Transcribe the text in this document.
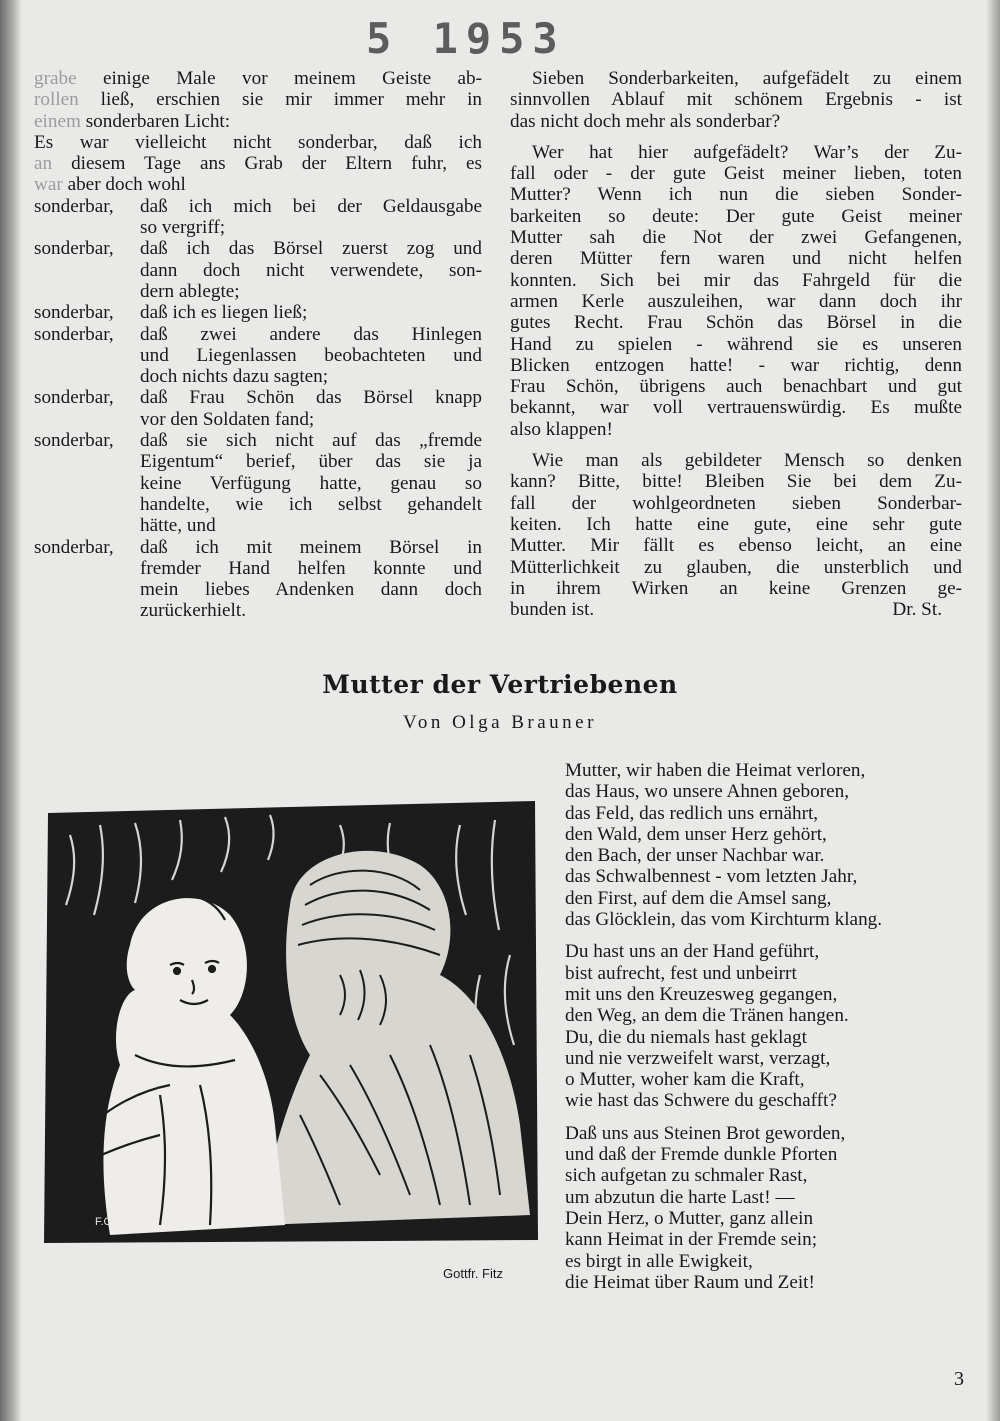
5 1953
grabe einige Male vor meinem Geiste ab-
rollen ließ, erschien sie mir immer mehr in
einem sonderbaren Licht:
Es war vielleicht nicht sonderbar, daß ich
an diesem Tage ans Grab der Eltern fuhr, es
war aber doch wohl
sonderbar,	daß ich mich bei der Geldausgabe
so vergriff;
sonderbar,	daß ich das Börsel zuerst zog und
dann doch nicht verwendete, son-
dern ablegte;
sonderbar,	daß ich es liegen ließ;
sonderbar,	daß zwei andere das Hinlegen
und Liegenlassen beobachteten und
doch nichts dazu sagten;
sonderbar,	daß Frau Schön das Börsel knapp
vor den Soldaten fand;
sonderbar,	daß sie sich nicht auf das „fremde
Eigentum“ berief, über das sie ja
keine Verfügung hatte, genau so
handelte, wie ich selbst gehandelt
hätte, und
sonderbar,	daß ich mit meinem Börsel in
fremder Hand helfen konnte und
mein liebes Andenken dann doch
zurückerhielt.
Sieben Sonderbarkeiten, aufgefädelt zu einem
sinnvollen Ablauf mit schönem Ergebnis - ist
das nicht doch mehr als sonderbar?
Wer hat hier aufgefädelt? War’s der Zu-
fall oder - der gute Geist meiner lieben, toten
Mutter? Wenn ich nun die sieben Sonder-
barkeiten so deute: Der gute Geist meiner
Mutter sah die Not der zwei Gefangenen,
deren Mütter fern waren und nicht helfen
konnten. Sich bei mir das Fahrgeld für die
armen Kerle auszuleihen, war dann doch ihr
gutes Recht. Frau Schön das Börsel in die
Hand zu spielen - während sie es unseren
Blicken entzogen hatte! - war richtig, denn
Frau Schön, übrigens auch benachbart und gut
bekannt, war voll vertrauenswürdig. Es mußte
also klappen!
Wie man als gebildeter Mensch so denken
kann? Bitte, bitte! Bleiben Sie bei dem Zu-
fall der wohlgeordneten sieben Sonderbar-
keiten. Ich hatte eine gute, eine sehr gute
Mutter. Mir fällt es ebenso leicht, an eine
Mütterlichkeit zu glauben, die unsterblich und
in ihrem Wirken an keine Grenzen ge-
bunden ist.	Dr. St.
Mutter der Vertriebenen
Von Olga Brauner
F.G.
Gottfr. Fitz
Mutter, wir haben die Heimat verloren,
das Haus, wo unsere Ahnen geboren,
das Feld, das redlich uns ernährt,
den Wald, dem unser Herz gehört,
den Bach, der unser Nachbar war.
das Schwalbennest - vom letzten Jahr,
den First, auf dem die Amsel sang,
das Glöcklein, das vom Kirchturm klang.
Du hast uns an der Hand geführt,
bist aufrecht, fest und unbeirrt
mit uns den Kreuzesweg gegangen,
den Weg, an dem die Tränen hangen.
Du, die du niemals hast geklagt
und nie verzweifelt warst, verzagt,
o Mutter, woher kam die Kraft,
wie hast das Schwere du geschafft?
Daß uns aus Steinen Brot geworden,
und daß der Fremde dunkle Pforten
sich aufgetan zu schmaler Rast,
um abzutun die harte Last! —
Dein Herz, o Mutter, ganz allein
kann Heimat in der Fremde sein;
es birgt in alle Ewigkeit,
die Heimat über Raum und Zeit!
3
